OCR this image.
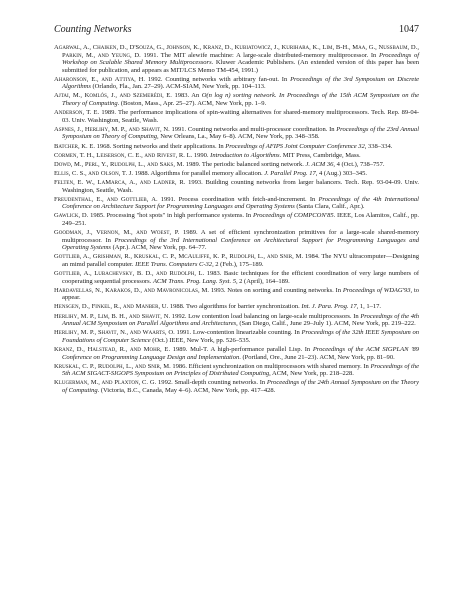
Counting Networks	1047
Agarwal, A., Chaiken, D., D'Souza, G., Johnson, K., Kranz, D., Kubiatowicz, J., Kurihara, K., Lim, B-H., Maa, G., Nussbaum, D., Parkin, M., and Yeung, D. 1991. The MIT alewife machine: A large-scale distributed-memory multiprocessor. In Proceedings of Workshop on Scalable Shared Memory Multiprocessors. Kluwer Academic Publishers. (An extended version of this paper has been submitted for publication, and appears as MIT/LCS Memo TM-454, 1991.)
Aharonson, E., and Attiya, H. 1992. Counting networks with arbitrary fan-out. In Proceedings of the 3rd Symposium on Discrete Algorithms (Orlando, Fla., Jan. 27–29). ACM-SIAM, New York, pp. 104–113.
Ajtai, M., Komlós, J., and Szemerédi, E. 1983. An O(n log n) sorting network. In Proceedings of the 15th ACM Symposium on the Theory of Computing. (Boston, Mass., Apr. 25–27). ACM, New York, pp. 1–9.
Anderson, T. E. 1989. The performance implications of spin-waiting alternatives for shared-memory multiprocessors. Tech. Rep. 89-04-03. Univ. Washington, Seattle, Wash.
Aspnes, J., Herlihy, M. P., and Shavit, N. 1991. Counting networks and multi-processor coordination. In Proceedings of the 23rd Annual Symposium on Theory of Computing, New Orleans, La., May 6–8). ACM, New York, pp. 348–358.
Batcher, K. E. 1968. Sorting networks and their applications. In Proceedings of AFIPS Joint Computer Conference 32, 338–334.
Cormen, T. H., Leiserson, C. E., and Rivest, R. L. 1990. Introduction to Algorithms. MIT Press, Cambridge, Mass.
Dowd, M., Perl, Y., Rudolph, L., and Saks, M. 1989. The periodic balanced sorting network. J. ACM 36, 4 (Oct.), 738–757.
Ellis, C. S., and Olson, T. J. 1988. Algorithms for parallel memory allocation. J. Parallel Prog. 17, 4 (Aug.) 303–345.
Felten, E. W., LaMarca, A., and Ladner, R. 1993. Building counting networks from larger balancers. Tech. Rep. 93-04-09. Univ. Washington, Seattle, Wash.
Freudenthal, E., and Gottlieb, A. 1991. Process coordination with fetch-and-increment. In Proceedings of the 4th International Conference on Architecture Support for Programming Languages and Operating Systems (Santa Clara, Calif., Apr.).
Gawlick, D. 1985. Processing "hot spots" in high performance systems. In Proceedings of COMPCON'85. IEEE, Los Alamitos, Calif., pp. 249–251.
Goodman, J., Vernon, M., and Woest, P. 1989. A set of efficient synchronization primitives for a large-scale shared-memory multiprocessor. In Proceedings of the 3rd International Conference on Architectural Support for Programming Languages and Operating Systems (Apr.). ACM, New York, pp. 64–77.
Gottlieb, A., Grishman, R., Kruskal, C. P., McAuliffe, K. P., Rudolph, L., and Snir, M. 1984. The NYU ultracomputer—Designing an mimd parallel computer. IEEE Trans. Computers C-32, 2 (Feb.), 175–189.
Gottlieb, A., Lubachevsky, B. D., and Rudolph, L. 1983. Basic techniques for the efficient coordination of very large numbers of cooperating sequential processors. ACM Trans. Prog. Lang. Syst. 5, 2 (April), 164–189.
Hardavellas, N., Karakos, D., and Mavronicolas, M. 1993. Notes on sorting and counting networks. In Proceedings of WDAG'93, to appear.
Hensgen, D., Finkel, R., and Manber, U. 1988. Two algorithms for barrier synchronization. Int. J. Para. Prog. 17, 1, 1–17.
Herlihy, M. P., Lim, B. H., and Shavit, N. 1992. Low contention load balancing on large-scale multiprocessors. In Proceedings of the 4th Annual ACM Symposium on Parallel Algorithms and Architectures, (San Diego, Calif., June 29–July 1). ACM, New York, pp. 219–222.
Herlihy, M. P., Shavit, N., and Waarts, O. 1991. Low-contention linearizable counting. In Proceedings of the 32th IEEE Symposium on Foundations of Computer Science (Oct.) IEEE, New York, pp. 526–535.
Kranz, D., Halstead, R., and Mohr, E. 1989. Mul-T. A high-performance parallel Lisp. In Proceedings of the ACM SIGPLAN '89 Conference on Programming Language Design and Implementation. (Portland, Ore., June 21–23). ACM, New York, pp. 81–90.
Kruskal, C. P., Rudolph, L., and Snir, M. 1986. Efficient synchronization on multiprocessors with shared memory. In Proceedings of the 5th ACM SIGACT-SIGOPS Symposium on Principles of Distributed Computing, ACM, New York, pp. 218–228.
Klugerman, M., and Plaxton, C. G. 1992. Small-depth counting networks. In Proceedings of the 24th Annual Symposium on the Theory of Computing. (Victoria, B.C., Canada, May 4–6). ACM, New York, pp. 417–428.
